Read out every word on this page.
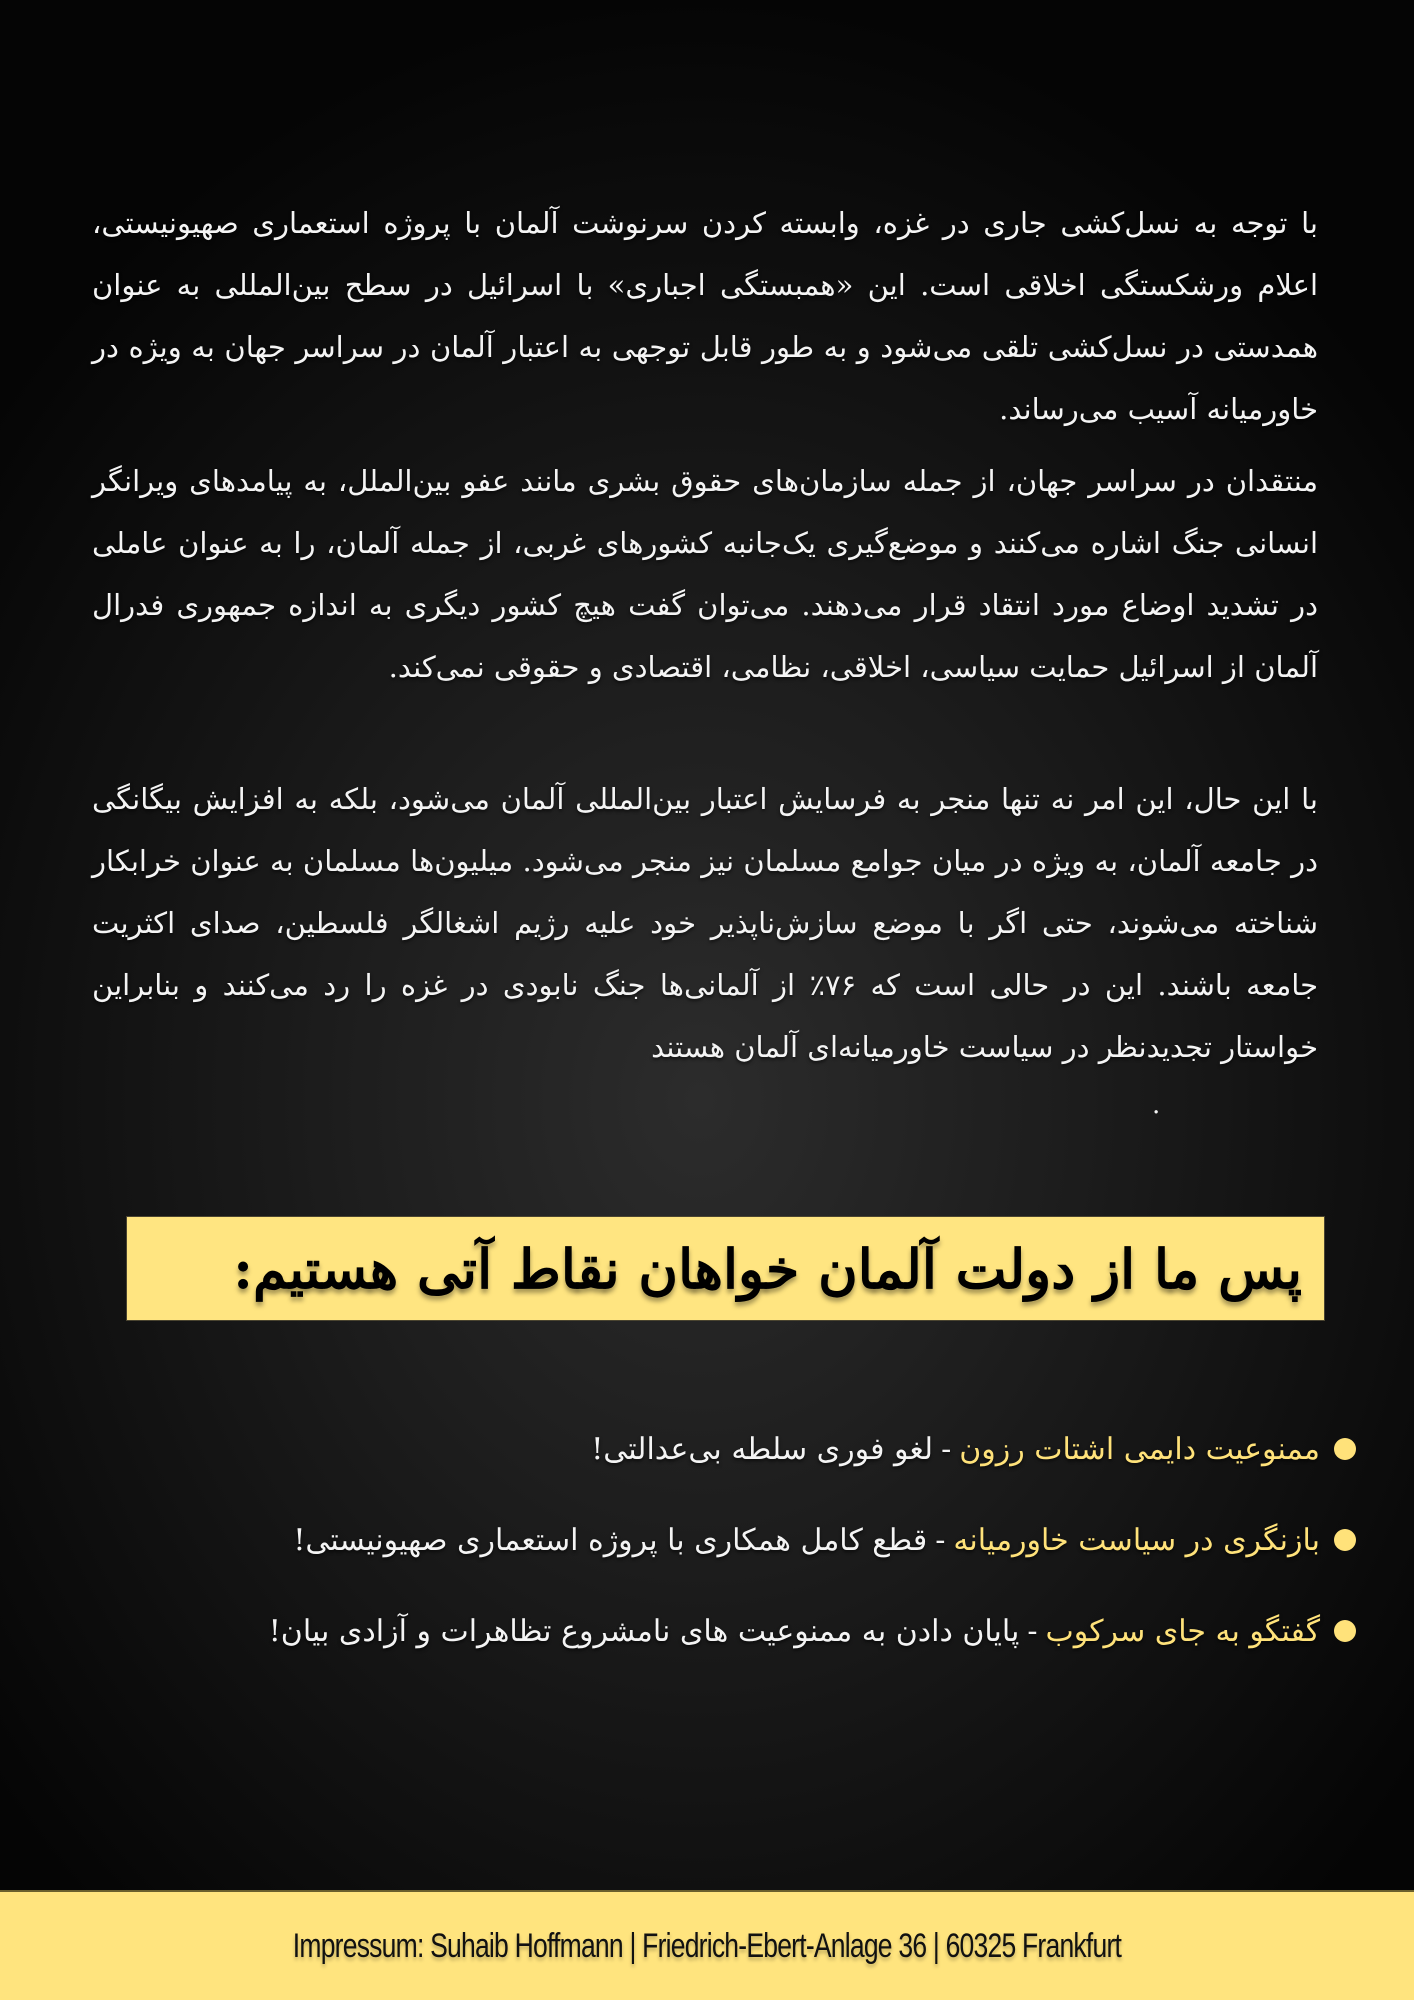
با توجه به نسل‌کشی جاری در غزه، وابسته کردن سرنوشت آلمان با پروژه استعماری صهیونیستی، اعلام ورشکستگی اخلاقی است. این «همبستگی اجباری» با اسرائیل در سطح بین‌المللی به عنوان همدستی در نسل‌کشی تلقی می‌شود و به طور قابل توجهی به اعتبار آلمان در سراسر جهان به ویژه در خاورمیانه آسیب می‌رساند.

منتقدان در سراسر جهان، از جمله سازمان‌های حقوق بشری مانند عفو بین‌الملل، به پیامدهای ویرانگر انسانی جنگ اشاره می‌کنند و موضع‌گیری یک‌جانبه کشورهای غربی، از جمله آلمان، را به عنوان عاملی در تشدید اوضاع مورد انتقاد قرار می‌دهند. می‌توان گفت هیچ کشور دیگری به اندازه جمهوری فدرال آلمان از اسرائیل حمایت سیاسی، اخلاقی، نظامی، اقتصادی و حقوقی نمی‌کند.

با این حال، این امر نه تنها منجر به فرسایش اعتبار بین‌المللی آلمان می‌شود، بلکه به افزایش بیگانگی در جامعه آلمان، به ویژه در میان جوامع مسلمان نیز منجر می‌شود. میلیون‌ها مسلمان به عنوان خرابکار شناخته می‌شوند، حتی اگر با موضع سازش‌ناپذیر خود علیه رژیم اشغالگر فلسطین، صدای اکثریت جامعه باشند. این در حالی است که ۷۶٪ از آلمانی‌ها جنگ نابودی در غزه را رد می‌کنند و بنابراین خواستار تجدیدنظر در سیاست خاورمیانه‌ای آلمان هستند

.
پس ما از دولت آلمان خواهان نقاط آتی هستیم:
ممنوعیت دایمی اشتات رزون
-
لغو فوری سلطه بی‌عدالتی!
بازنگری در سیاست خاورمیانه
-
قطع کامل همکاری با پروژه استعماری صهیونیستی!
گفتگو به جای سرکوب
-
پایان دادن به ممنوعیت های نامشروع تظاهرات و آزادی بیان!
Impressum: Suhaib Hoffmann | Friedrich-Ebert-Anlage 36 | 60325 Frankfurt
